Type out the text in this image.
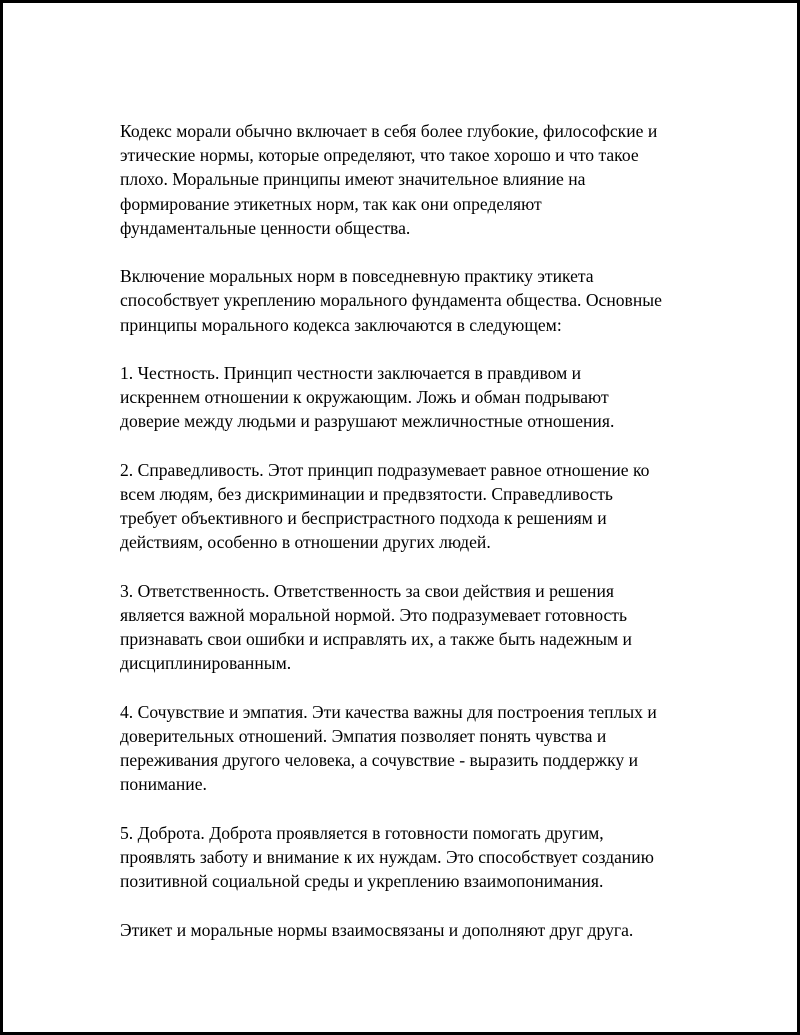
Кодекс морали обычно включает в себя более глубокие, философские и
этические нормы, которые определяют, что такое хорошо и что такое
плохо. Моральные принципы имеют значительное влияние на
формирование этикетных норм, так как они определяют
фундаментальные ценности общества.

Включение моральных норм в повседневную практику этикета
способствует укреплению морального фундамента общества. Основные
принципы морального кодекса заключаются в следующем:

1. Честность. Принцип честности заключается в правдивом и
искреннем отношении к окружающим. Ложь и обман подрывают
доверие между людьми и разрушают межличностные отношения.

2. Справедливость. Этот принцип подразумевает равное отношение ко
всем людям, без дискриминации и предвзятости. Справедливость
требует объективного и беспристрастного подхода к решениям и
действиям, особенно в отношении других людей.

3. Ответственность. Ответственность за свои действия и решения
является важной моральной нормой. Это подразумевает готовность
признавать свои ошибки и исправлять их, а также быть надежным и
дисциплинированным.

4. Сочувствие и эмпатия. Эти качества важны для построения теплых и
доверительных отношений. Эмпатия позволяет понять чувства и
переживания другого человека, а сочувствие - выразить поддержку и
понимание.

5. Доброта. Доброта проявляется в готовности помогать другим,
проявлять заботу и внимание к их нуждам. Это способствует созданию
позитивной социальной среды и укреплению взаимопонимания.

Этикет и моральные нормы взаимосвязаны и дополняют друг друга.
